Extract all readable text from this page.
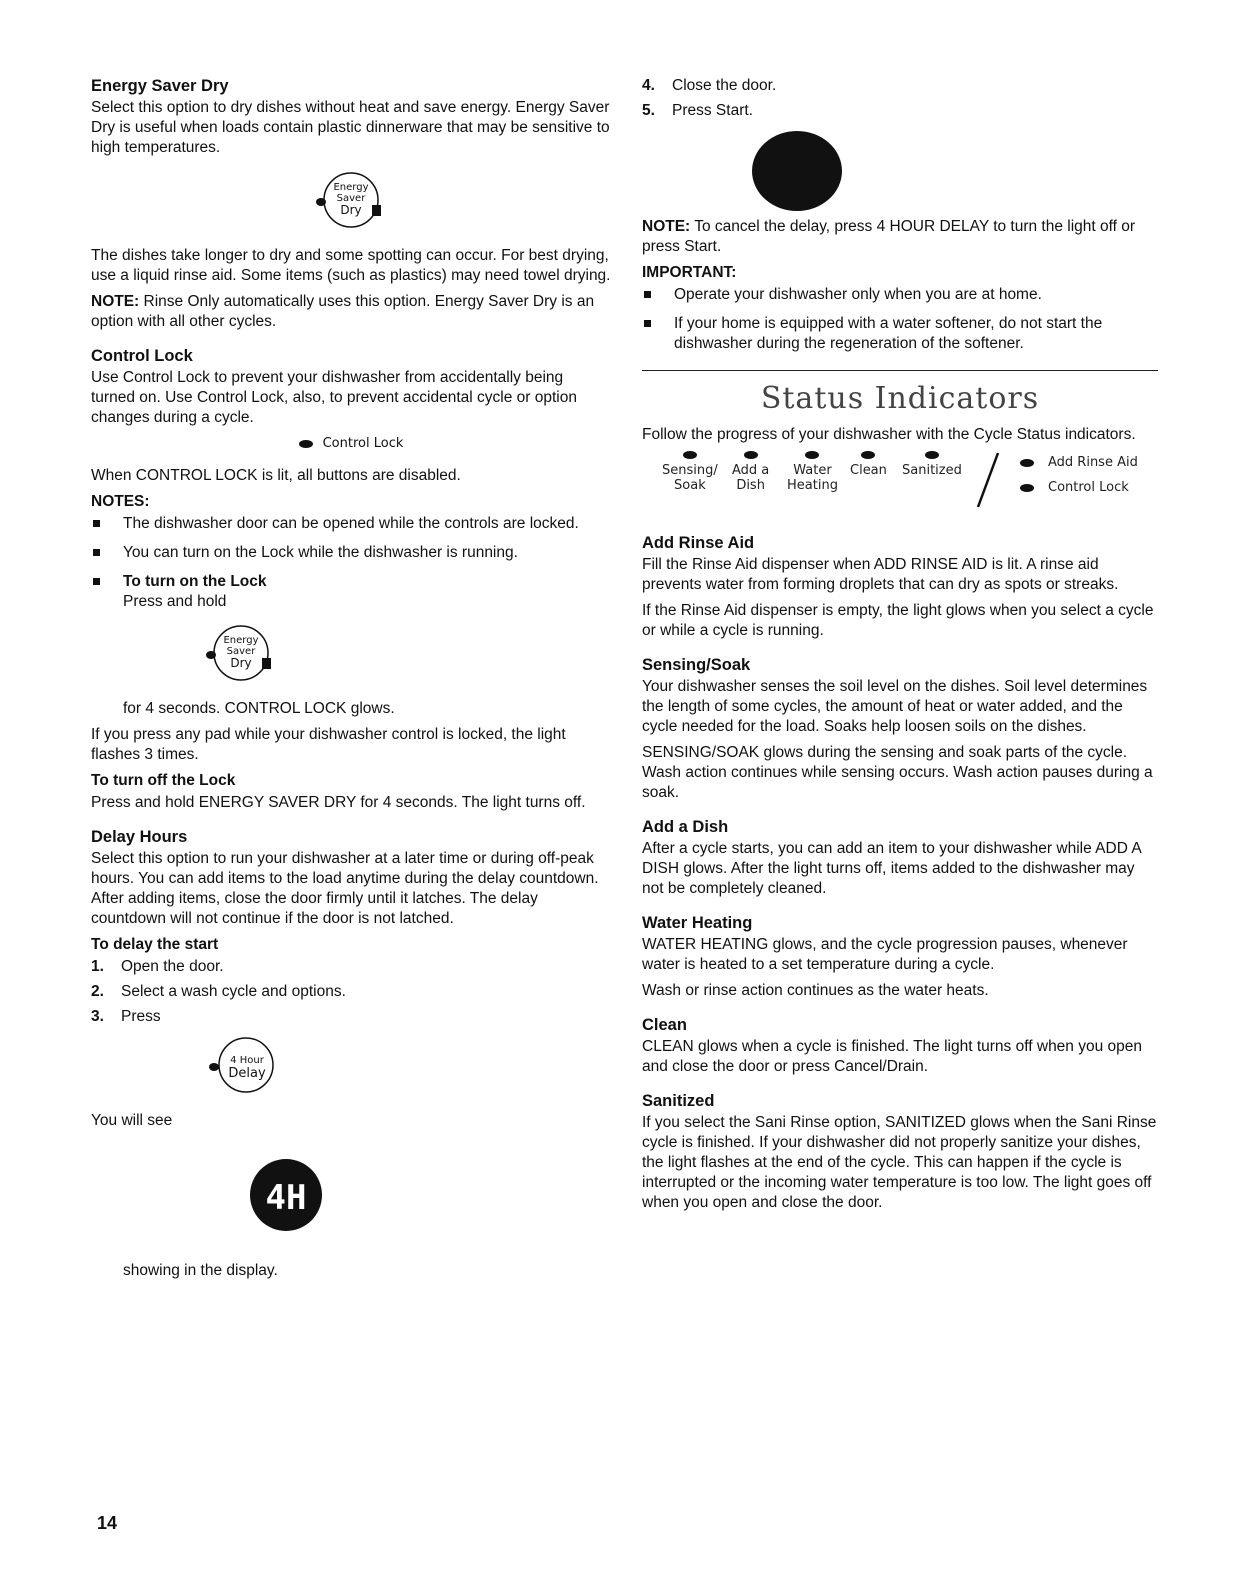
Energy Saver Dry

Select this option to dry dishes without heat and save energy. Energy Saver Dry is useful when loads contain plastic dinnerware that may be sensitive to high temperatures.

Energy
Saver
Dry

The dishes take longer to dry and some spotting can occur. For best drying, use a liquid rinse aid. Some items (such as plastics) may need towel drying.

NOTE: Rinse Only automatically uses this option. Energy Saver Dry is an option with all other cycles.

Control Lock

Use Control Lock to prevent your dishwasher from accidentally being turned on. Use Control Lock, also, to prevent accidental cycle or option changes during a cycle.

Control Lock

When CONTROL LOCK is lit, all buttons are disabled.

NOTES:
The dishwasher door can be opened while the controls are locked.
You can turn on the Lock while the dishwasher is running.
To turn on the Lock
Press and hold
Energy
Saver
Dry

for 4 seconds. CONTROL LOCK glows.

If you press any pad while your dishwasher control is locked, the light flashes 3 times.

To turn off the Lock

Press and hold ENERGY SAVER DRY for 4 seconds. The light turns off.

Delay Hours

Select this option to run your dishwasher at a later time or during off-peak hours. You can add items to the load anytime during the delay countdown. After adding items, close the door firmly until it latches. The delay countdown will not continue if the door is not latched.

To delay the start
1. Open the door.
2. Select a wash cycle and options.
3. Press
4 Hour
Delay

You will see

4H

showing in the display.

14
4. Close the door.
5. Press Start.

NOTE: To cancel the delay, press 4 HOUR DELAY to turn the light off or press Start.

IMPORTANT:
Operate your dishwasher only when you are at home.
If your home is equipped with a water softener, do not start the dishwasher during the regeneration of the softener.
Status Indicators

Follow the progress of your dishwasher with the Cycle Status indicators.

Sensing/
Soak
Add a
Dish
Water
Heating
Clean Sanitized
Add Rinse Aid
Control Lock
Add Rinse Aid

Fill the Rinse Aid dispenser when ADD RINSE AID is lit. A rinse aid prevents water from forming droplets that can dry as spots or streaks.

If the Rinse Aid dispenser is empty, the light glows when you select a cycle or while a cycle is running.

Sensing/Soak

Your dishwasher senses the soil level on the dishes. Soil level determines the length of some cycles, the amount of heat or water added, and the cycle needed for the load. Soaks help loosen soils on the dishes.

SENSING/SOAK glows during the sensing and soak parts of the cycle. Wash action continues while sensing occurs. Wash action pauses during a soak.

Add a Dish

After a cycle starts, you can add an item to your dishwasher while ADD A DISH glows. After the light turns off, items added to the dishwasher may not be completely cleaned.

Water Heating

WATER HEATING glows, and the cycle progression pauses, whenever water is heated to a set temperature during a cycle.

Wash or rinse action continues as the water heats.

Clean

CLEAN glows when a cycle is finished. The light turns off when you open and close the door or press Cancel/Drain.

Sanitized

If you select the Sani Rinse option, SANITIZED glows when the Sani Rinse cycle is finished. If your dishwasher did not properly sanitize your dishes, the light flashes at the end of the cycle. This can happen if the cycle is interrupted or the incoming water temperature is too low. The light goes off when you open and close the door.
